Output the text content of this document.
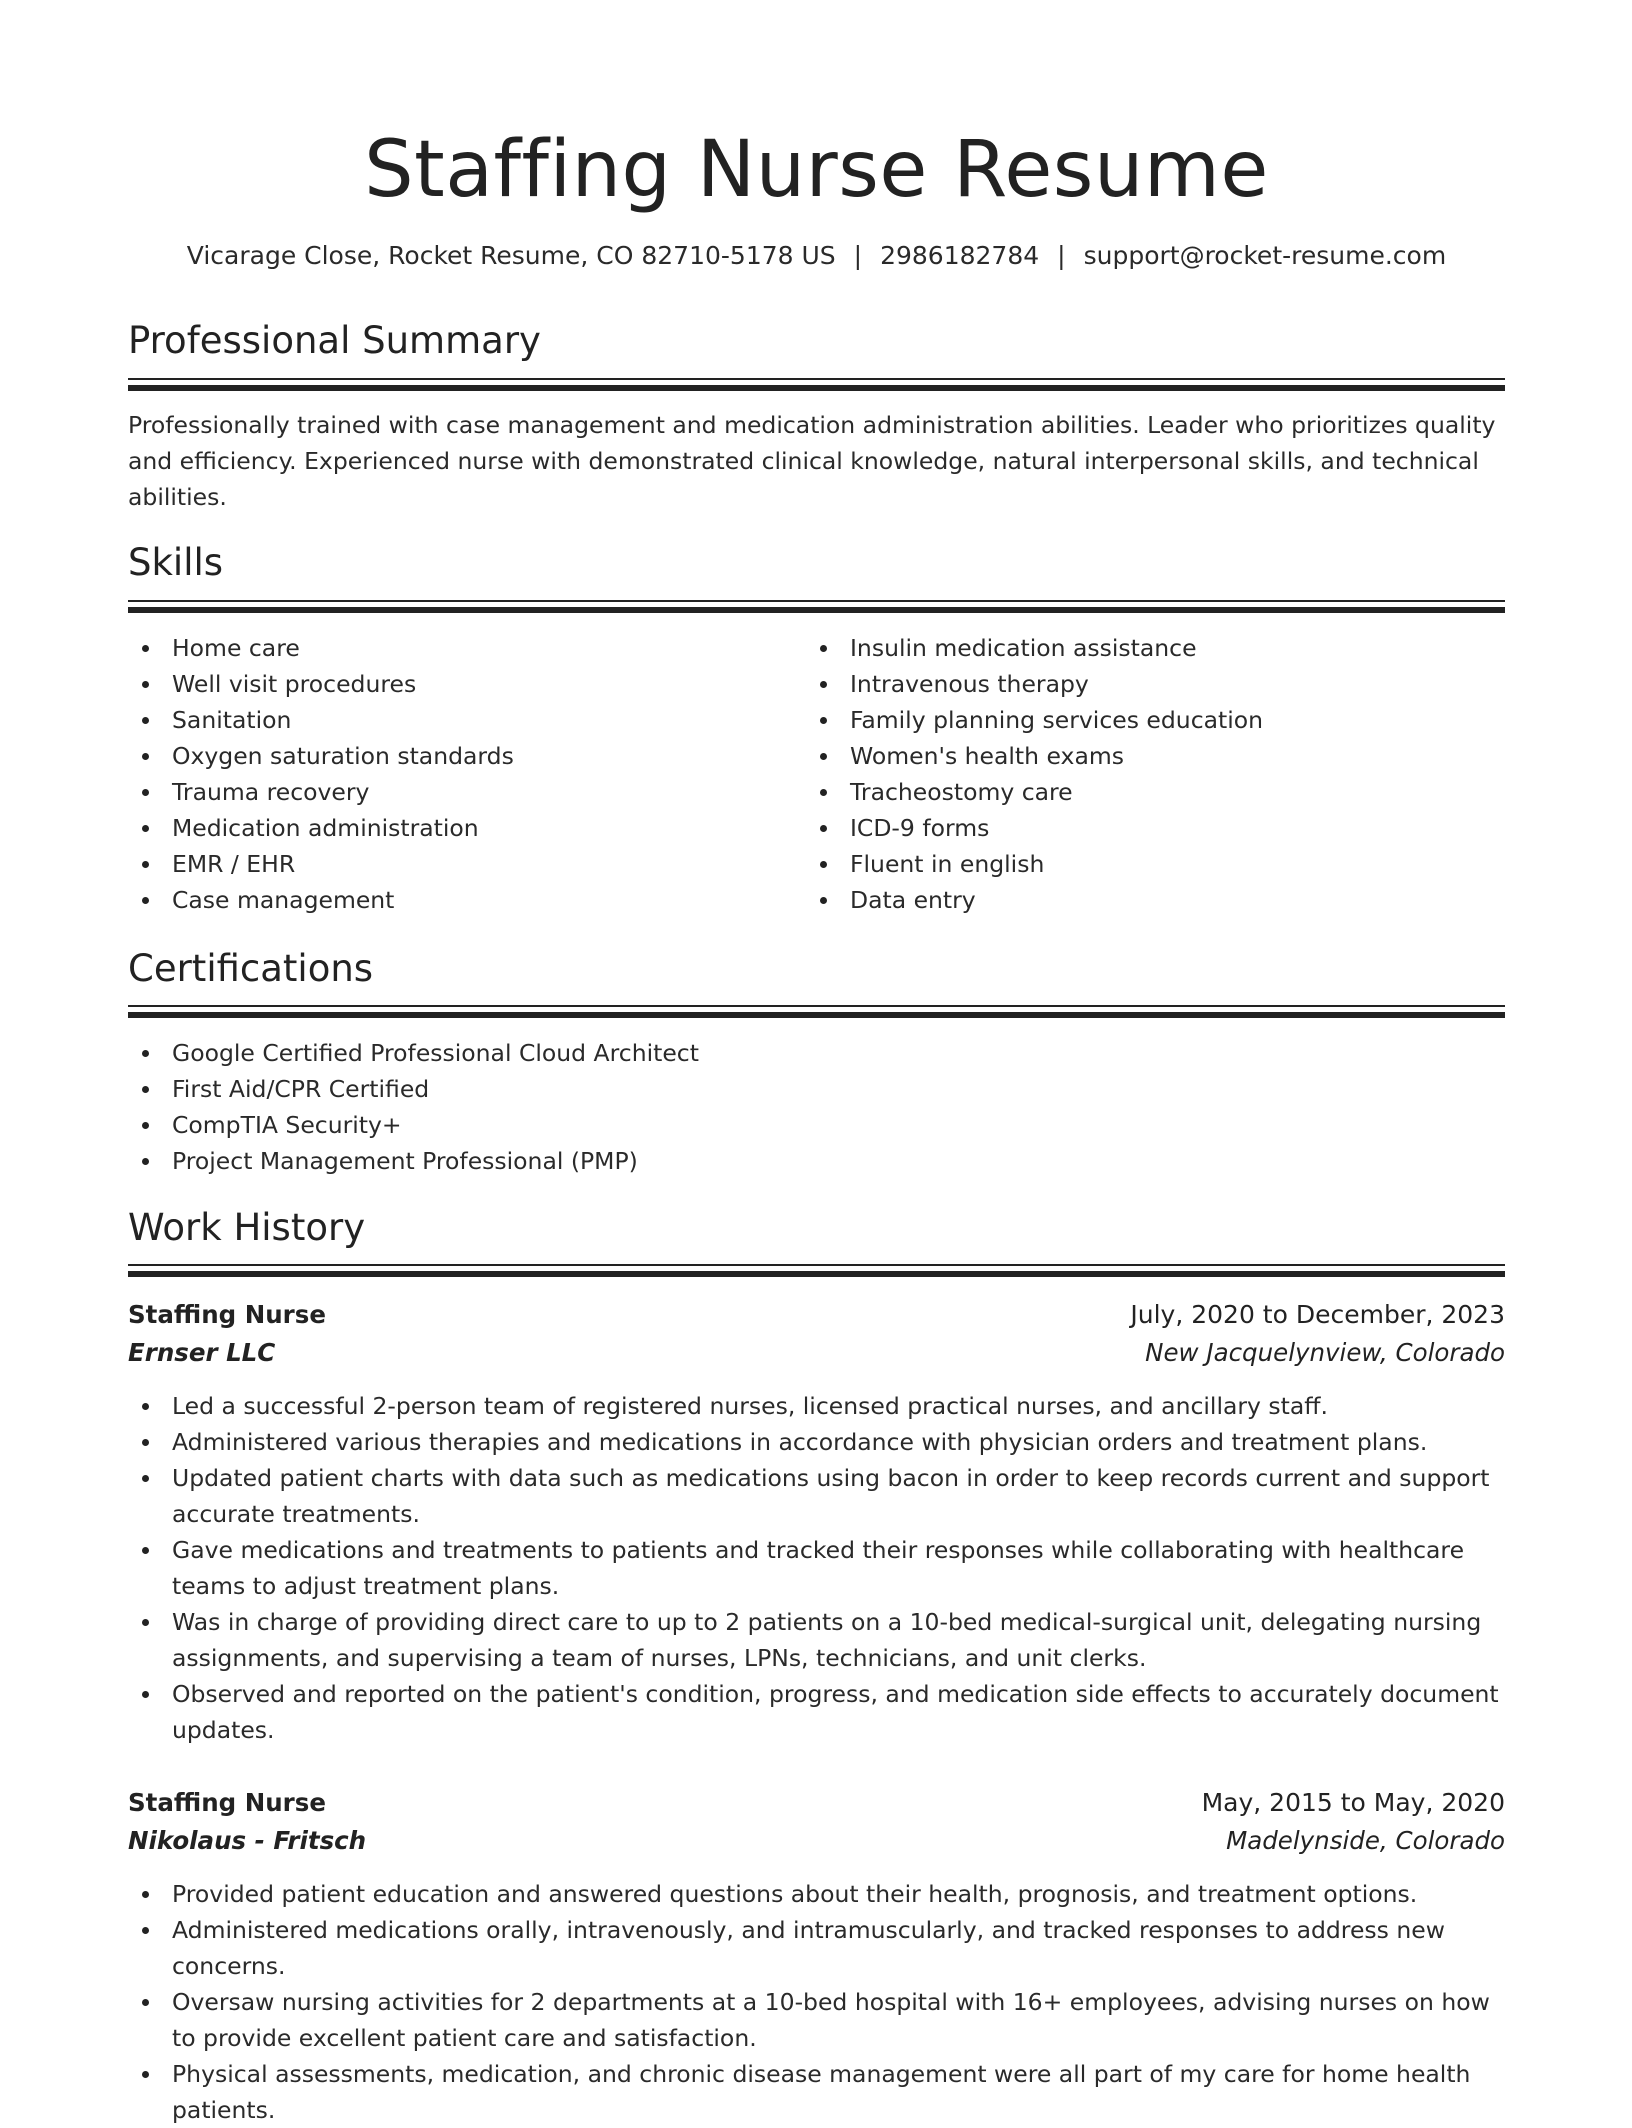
Staffing Nurse Resume
Vicarage Close, Rocket Resume, CO 82710-5178 US | 2986182784 | support@rocket-resume.com
Professional Summary

Professionally trained with case management and medication administration abilities. Leader who prioritizes quality and efficiency. Experienced nurse with demonstrated clinical knowledge, natural interpersonal skills, and technical abilities.

Skills
Home care
Well visit procedures
Sanitation
Oxygen saturation standards
Trauma recovery
Medication administration
EMR / EHR
Case management
Insulin medication assistance
Intravenous therapy
Family planning services education
Women's health exams
Tracheostomy care
ICD-9 forms
Fluent in english
Data entry
Certifications
Google Certified Professional Cloud Architect
First Aid/CPR Certified
CompTIA Security+
Project Management Professional (PMP)
Work History
Staffing Nurse	July, 2020 to December, 2023
Ernser LLC	New Jacquelynview, Colorado
Led a successful 2-person team of registered nurses, licensed practical nurses, and ancillary staff.
Administered various therapies and medications in accordance with physician orders and treatment plans.
Updated patient charts with data such as medications using bacon in order to keep records current and support accurate treatments.
Gave medications and treatments to patients and tracked their responses while collaborating with healthcare teams to adjust treatment plans.
Was in charge of providing direct care to up to 2 patients on a 10-bed medical-surgical unit, delegating nursing assignments, and supervising a team of nurses, LPNs, technicians, and unit clerks.
Observed and reported on the patient's condition, progress, and medication side effects to accurately document updates.
Staffing Nurse	May, 2015 to May, 2020
Nikolaus - Fritsch	Madelynside, Colorado
Provided patient education and answered questions about their health, prognosis, and treatment options.
Administered medications orally, intravenously, and intramuscularly, and tracked responses to address new concerns.
Oversaw nursing activities for 2 departments at a 10-bed hospital with 16+ employees, advising nurses on how to provide excellent patient care and satisfaction.
Physical assessments, medication, and chronic disease management were all part of my care for home health patients.
